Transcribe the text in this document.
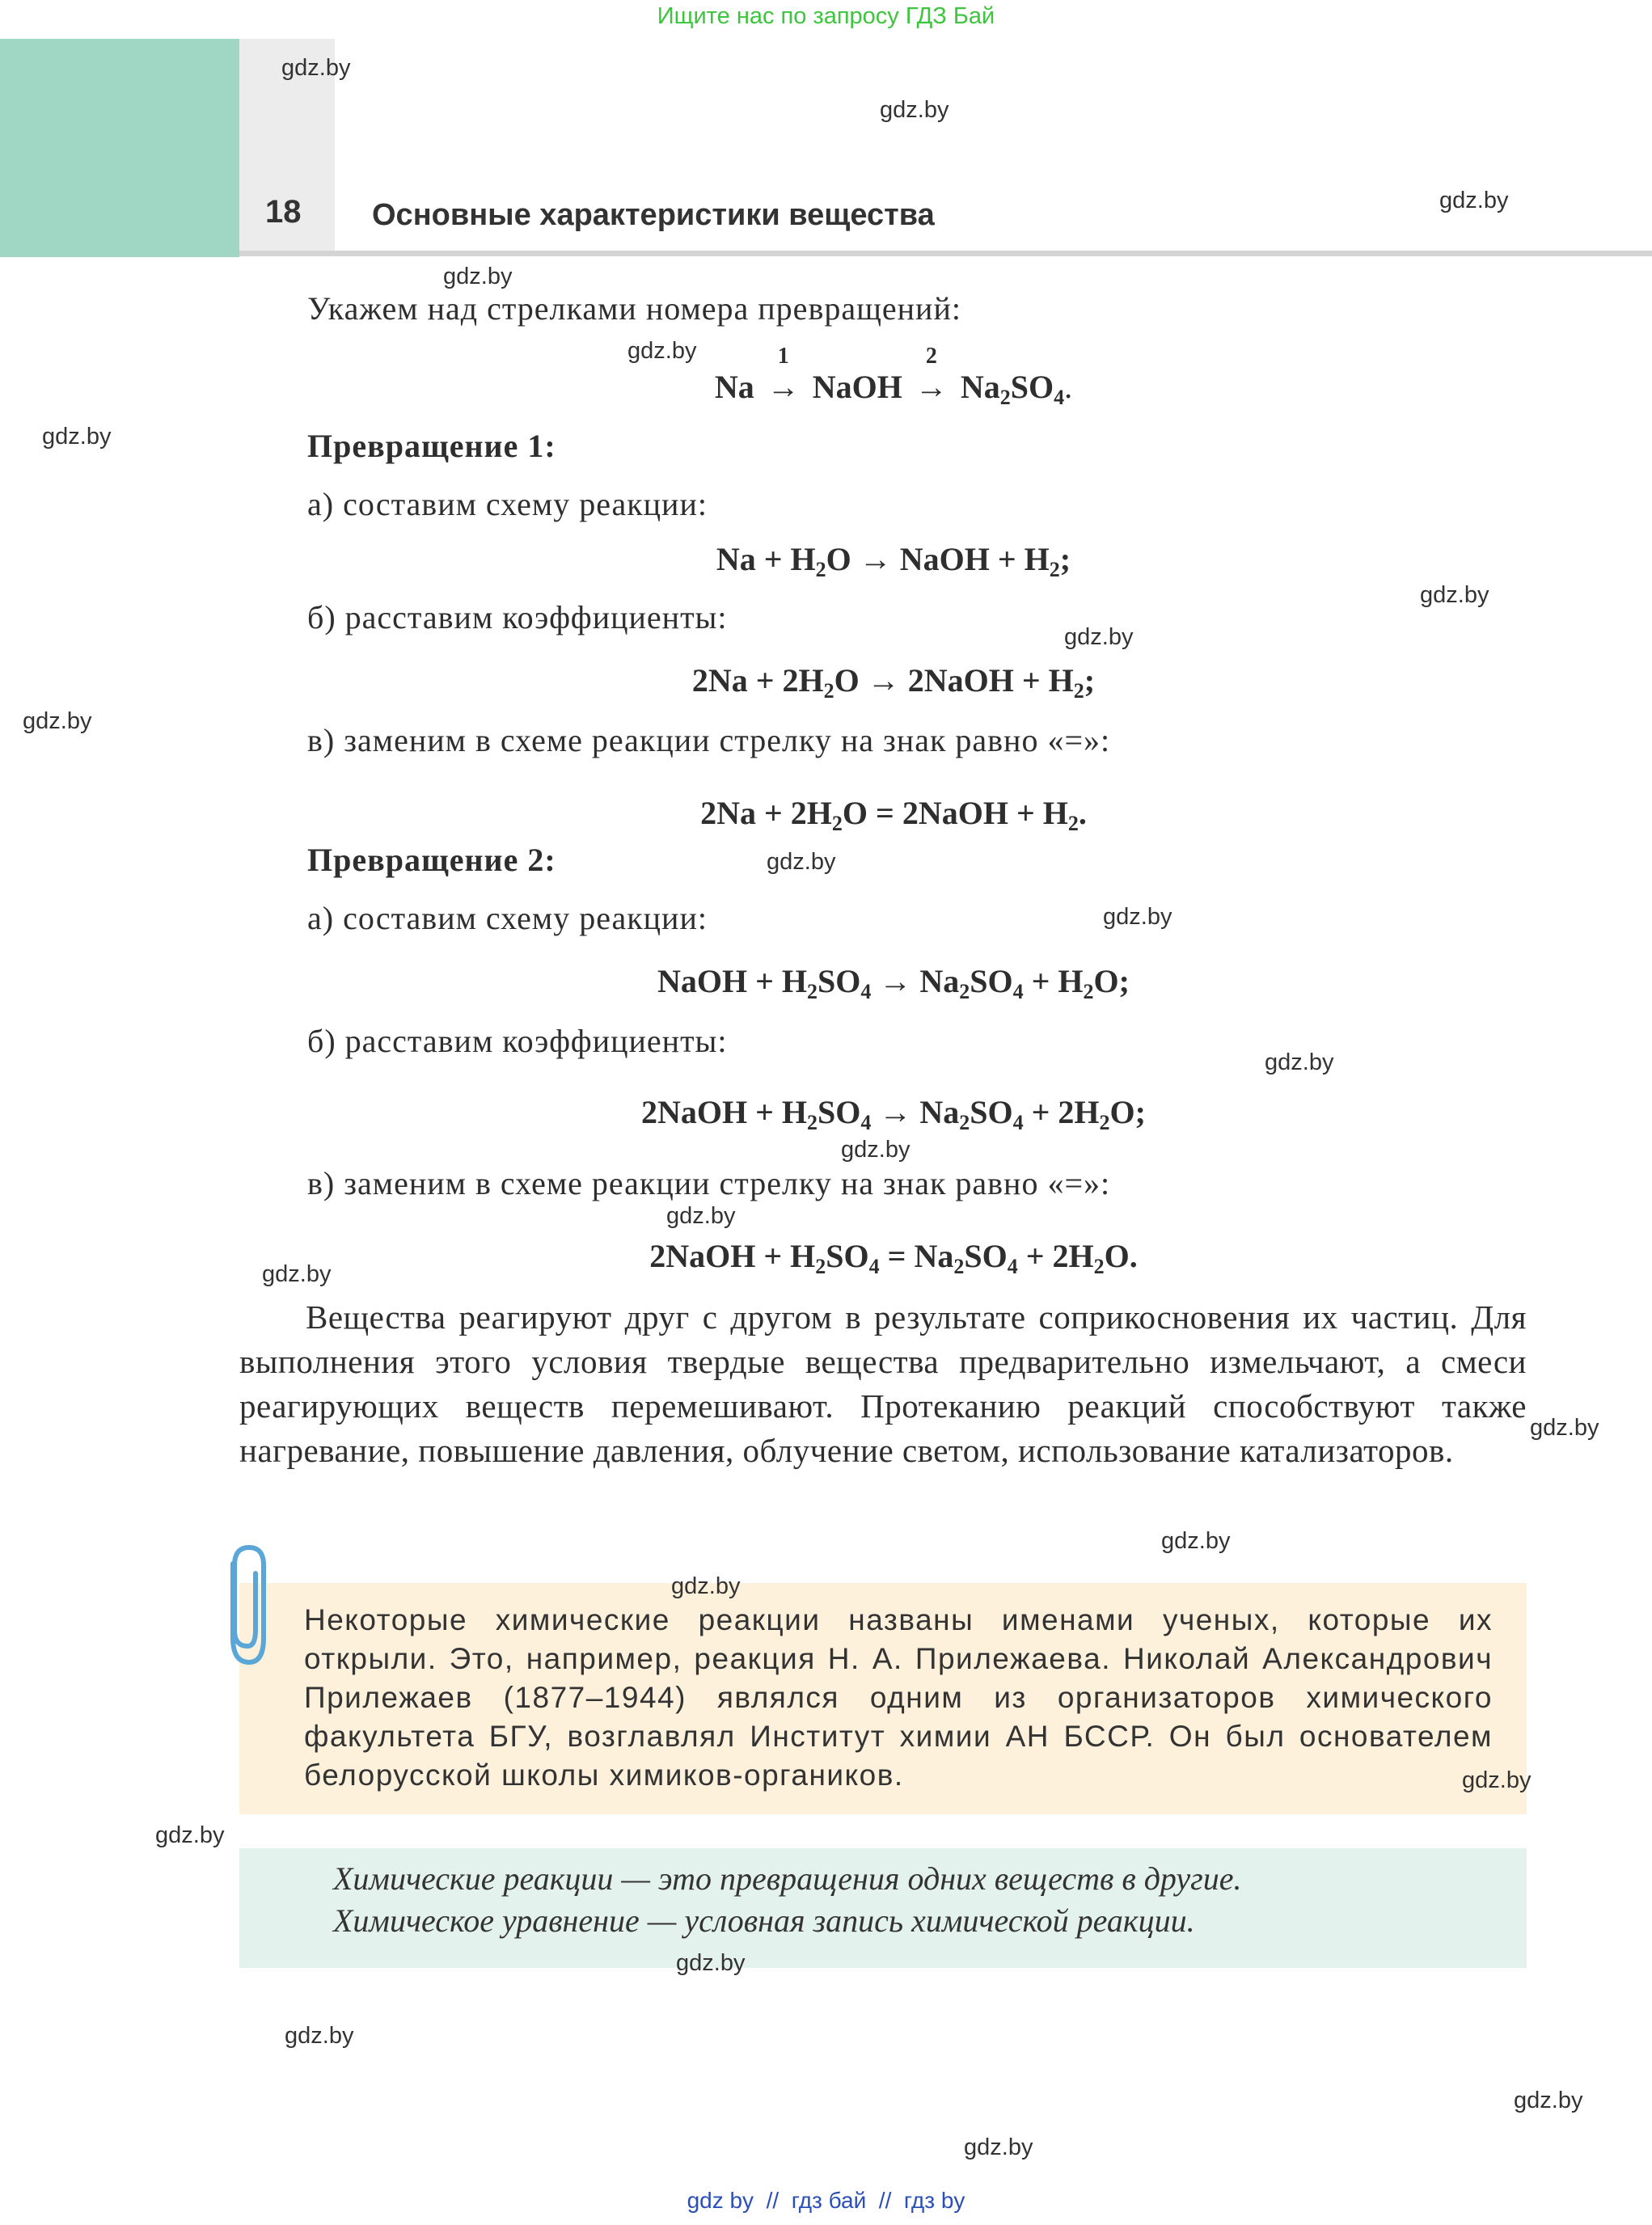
Ищите нас по запросу ГДЗ Бай
18 Основные характеристики вещества
Укажем над стрелками номера превращений:
Na
1
→ NaOH
2
→ $Na_2SO_4$.
Превращение 1:
а) составим схему реакции:
$Na + H_2O$ → NaOH + $H_2$;
б) расставим коэффициенты:
$2Na + 2H_2O$ → 2NaOH + $H_2$;
в) заменим в схеме реакции стрелку на знак равно «=»:
$2Na + 2H_2O$ = 2NaOH + $H_2$.
Превращение 2:
а) составим схему реакции:
NaOH + $H_2SO_4 \to Na_2SO_4 + H_2O$;
б) расставим коэффициенты:
2NaOH + $H_2SO_4 \to Na_2SO_4 + 2H_2O$;
в) заменим в схеме реакции стрелку на знак равно «=»:
2NaOH + $H_2SO_4 = Na_2SO_4 + 2H_2O$.
Вещества реагируют друг с другом в результате соприкосновения их частиц. Для выполнения этого условия твердые вещества предварительно измельчают, а смеси реагирующих веществ перемешивают. Протеканию реакций способствуют также нагревание, повышение давления, облучение светом, использование катализаторов.
Некоторые химические реакции названы именами ученых, которые их открыли. Это, например, реакция Н. А. Прилежаева. Николай Александрович Прилежаев (1877–1944) являлся одним из организаторов химического факультета БГУ, возглавлял Институт химии АН БССР. Он был основателем белорусской школы химиков-органиков.
Химические реакции — это превращения одних веществ в другие.
Химическое уравнение — условная запись химической реакции.
gdz.by
gdz.by
gdz.by
gdz.by
gdz.by
gdz.by
gdz.by
gdz.by
gdz.by
gdz.by
gdz.by
gdz.by
gdz.by
gdz.by
gdz.by
gdz.by
gdz.by
gdz.by
gdz.by
gdz.by
gdz.by
gdz.by
gdz.by
gdz.by
gdz by  //  гдз бай  //  гдз by
